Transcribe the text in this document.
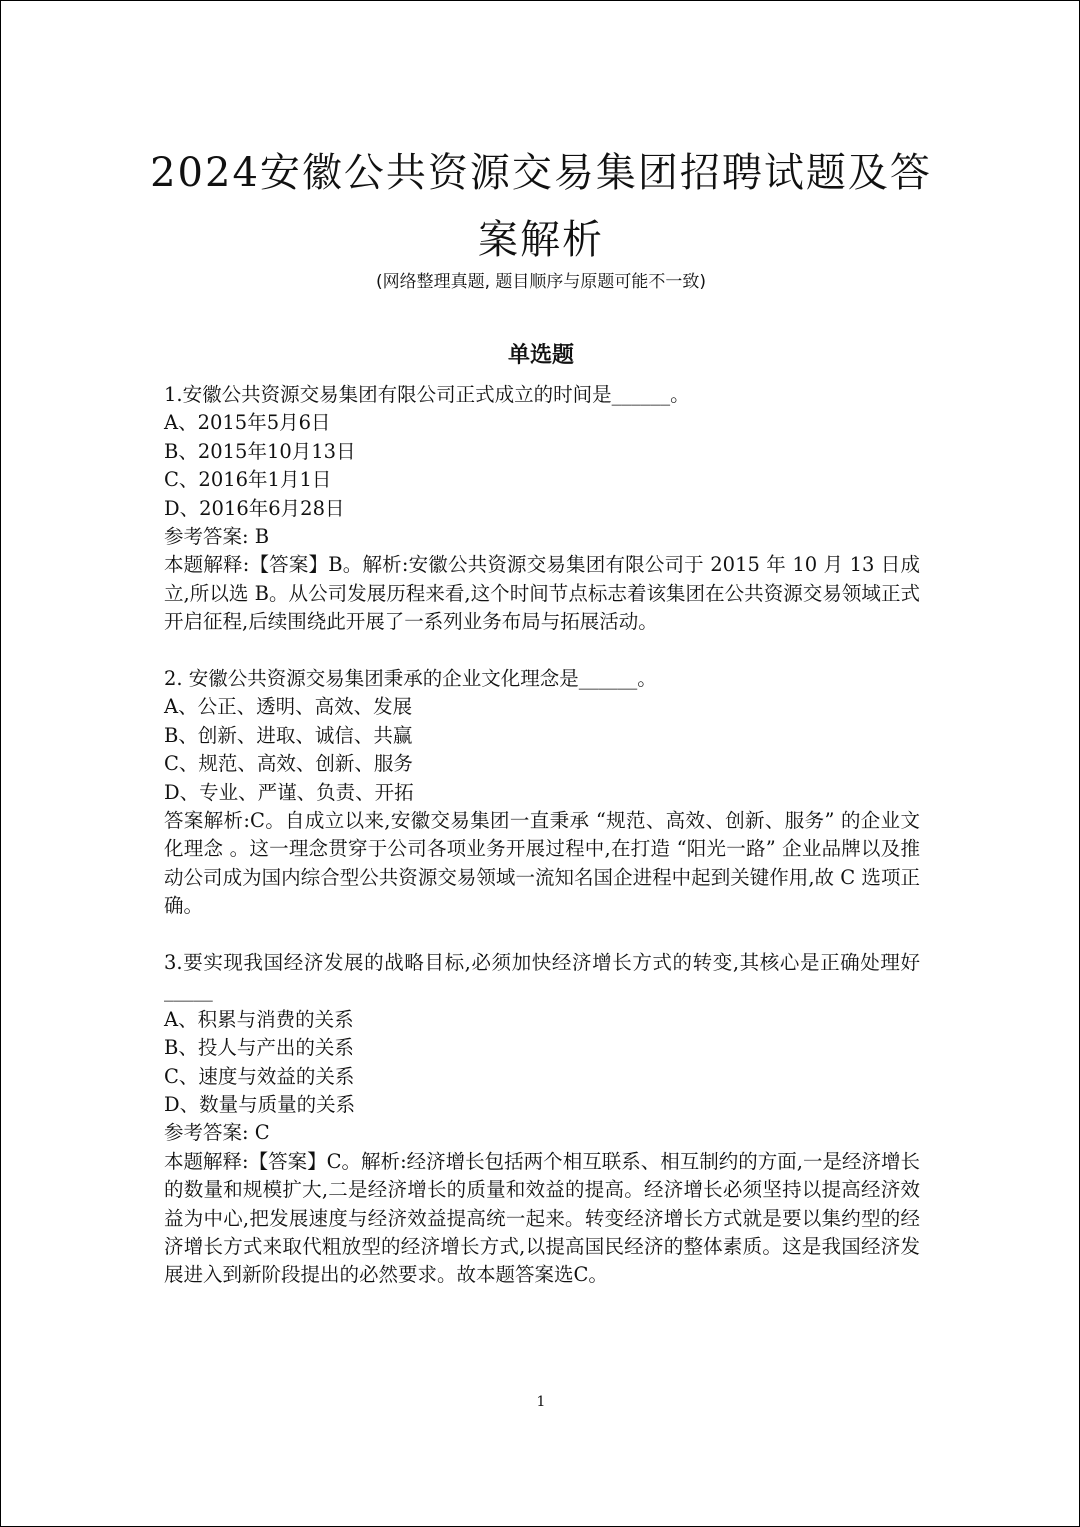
2024安徽公共资源交易集团招聘试题及答
案解析
(网络整理真题, 题目顺序与原题可能不一致)
单选题
1.安徽公共资源交易集团有限公司正式成立的时间是______。
A、2015年5月6日
B、2015年10月13日
C、2016年1月1日
D、2016年6月28日
参考答案: B
本题解释:【答案】B。解析:安徽公共资源交易集团有限公司于 2015 年 10 月 13 日成立,所以选 B。从公司发展历程来看,这个时间节点标志着该集团在公共资源交易领域正式开启征程,后续围绕此开展了一系列业务布局与拓展活动。
2. 安徽公共资源交易集团秉承的企业文化理念是______。
A、公正、透明、高效、发展
B、创新、进取、诚信、共赢
C、规范、高效、创新、服务
D、专业、严谨、负责、开拓
答案解析:C。自成立以来,安徽交易集团一直秉承 “规范、高效、创新、服务” 的企业文化理念 。这一理念贯穿于公司各项业务开展过程中,在打造 “阳光一路” 企业品牌以及推动公司成为国内综合型公共资源交易领域一流知名国企进程中起到关键作用,故 C 选项正确。
3.要实现我国经济发展的战略目标,必须加快经济增长方式的转变,其核心是正确处理好_____
A、积累与消费的关系
B、投人与产出的关系
C、速度与效益的关系
D、数量与质量的关系
参考答案: C
本题解释:【答案】C。解析:经济增长包括两个相互联系、相互制约的方面,一是经济增长的数量和规模扩大,二是经济增长的质量和效益的提高。经济增长必须坚持以提高经济效益为中心,把发展速度与经济效益提高统一起来。转变经济增长方式就是要以集约型的经济增长方式来取代粗放型的经济增长方式,以提高国民经济的整体素质。这是我国经济发展进入到新阶段提出的必然要求。故本题答案选C。
1
